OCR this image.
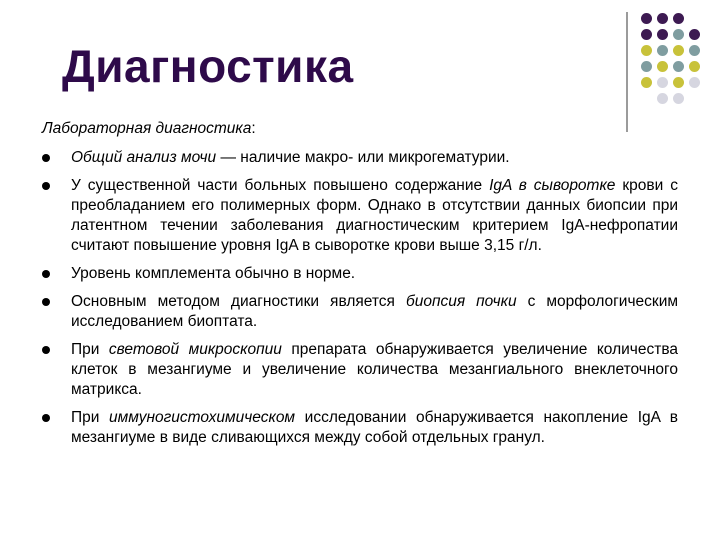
Диагностика

Лабораторная диагностика:

Общий анализ мочи — наличие макро- или микрогематурии.
У существенной части больных повышено содержание IgA в сыворотке крови с преобладанием его полимерных форм. Однако в отсутствии данных биопсии при латентном течении заболевания диагностическим критерием IgA-нефропатии считают повышение уровня IgA в сыворотке крови выше 3,15 г/л.
Уровень комплемента обычно в норме.
Основным методом диагностики является биопсия почки с морфологическим исследованием биоптата.
При световой микроскопии препарата обнаруживается увеличение количества клеток в мезангиуме и увеличение количества мезангиального внеклеточного матрикса.
При иммуногистохимическом исследовании обнаруживается накопление IgA в мезангиуме в виде сливающихся между собой отдельных гранул.
